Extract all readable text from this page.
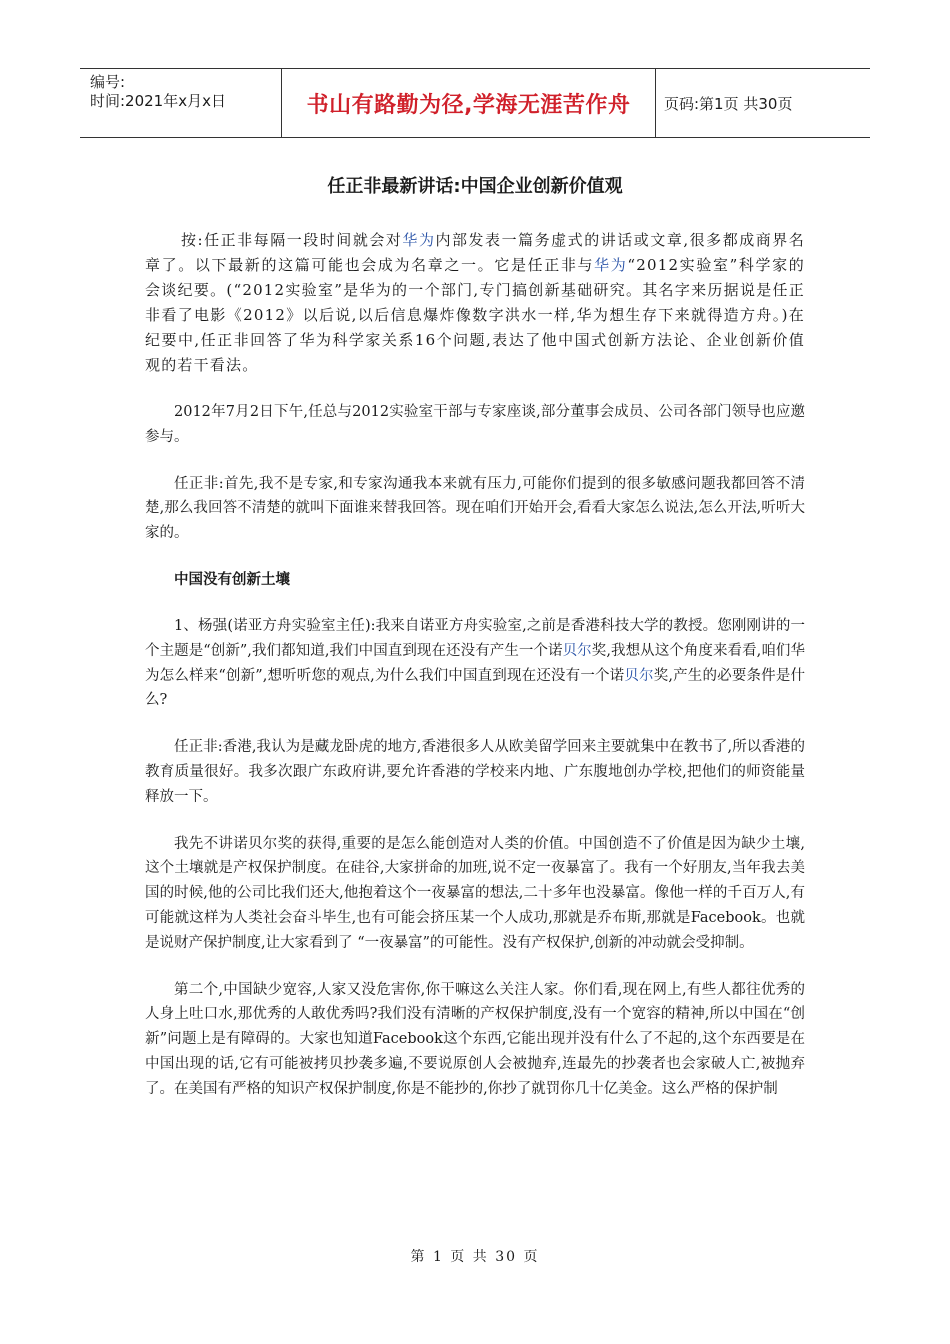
编号:
时间:2021年x月x日	书山有路勤为径,学海无涯苦作舟	页码:第1页 共30页
任正非最新讲话:中国企业创新价值观

按:任正非每隔一段时间就会对华为内部发表一篇务虚式的讲话或文章,很多都成商界名章了。以下最新的这篇可能也会成为名章之一。它是任正非与华为“2012实验室”科学家的会谈纪要。(“2012实验室”是华为的一个部门,专门搞创新基础研究。其名字来历据说是任正非看了电影《2012》以后说,以后信息爆炸像数字洪水一样,华为想生存下来就得造方舟。)在纪要中,任正非回答了华为科学家关系16个问题,表达了他中国式创新方法论、企业创新价值观的若干看法。

2012年7月2日下午,任总与2012实验室干部与专家座谈,部分董事会成员、公司各部门领导也应邀参与。

任正非:首先,我不是专家,和专家沟通我本来就有压力,可能你们提到的很多敏感问题我都回答不清楚,那么我回答不清楚的就叫下面谁来替我回答。现在咱们开始开会,看看大家怎么说法,怎么开法,听听大家的。

中国没有创新土壤

1、杨强(诺亚方舟实验室主任):我来自诺亚方舟实验室,之前是香港科技大学的教授。您刚刚讲的一个主题是“创新”,我们都知道,我们中国直到现在还没有产生一个诺贝尔奖,我想从这个角度来看看,咱们华为怎么样来“创新”,想听听您的观点,为什么我们中国直到现在还没有一个诺贝尔奖,产生的必要条件是什么?

任正非:香港,我认为是藏龙卧虎的地方,香港很多人从欧美留学回来主要就集中在教书了,所以香港的教育质量很好。我多次跟广东政府讲,要允许香港的学校来内地、广东腹地创办学校,把他们的师资能量释放一下。

我先不讲诺贝尔奖的获得,重要的是怎么能创造对人类的价值。中国创造不了价值是因为缺少土壤,这个土壤就是产权保护制度。在硅谷,大家拼命的加班,说不定一夜暴富了。我有一个好朋友,当年我去美国的时候,他的公司比我们还大,他抱着这个一夜暴富的想法,二十多年也没暴富。像他一样的千百万人,有可能就这样为人类社会奋斗毕生,也有可能会挤压某一个人成功,那就是乔布斯,那就是Facebook。也就是说财产保护制度,让大家看到了 “一夜暴富”的可能性。没有产权保护,创新的冲动就会受抑制。

第二个,中国缺少宽容,人家又没危害你,你干嘛这么关注人家。你们看,现在网上,有些人都往优秀的人身上吐口水,那优秀的人敢优秀吗?我们没有清晰的产权保护制度,没有一个宽容的精神,所以中国在“创新”问题上是有障碍的。大家也知道Facebook这个东西,它能出现并没有什么了不起的,这个东西要是在中国出现的话,它有可能被拷贝抄袭多遍,不要说原创人会被抛弃,连最先的抄袭者也会家破人亡,被抛弃了。在美国有严格的知识产权保护制度,你是不能抄的,你抄了就罚你几十亿美金。这么严格的保护制

第 1 页 共 30 页
